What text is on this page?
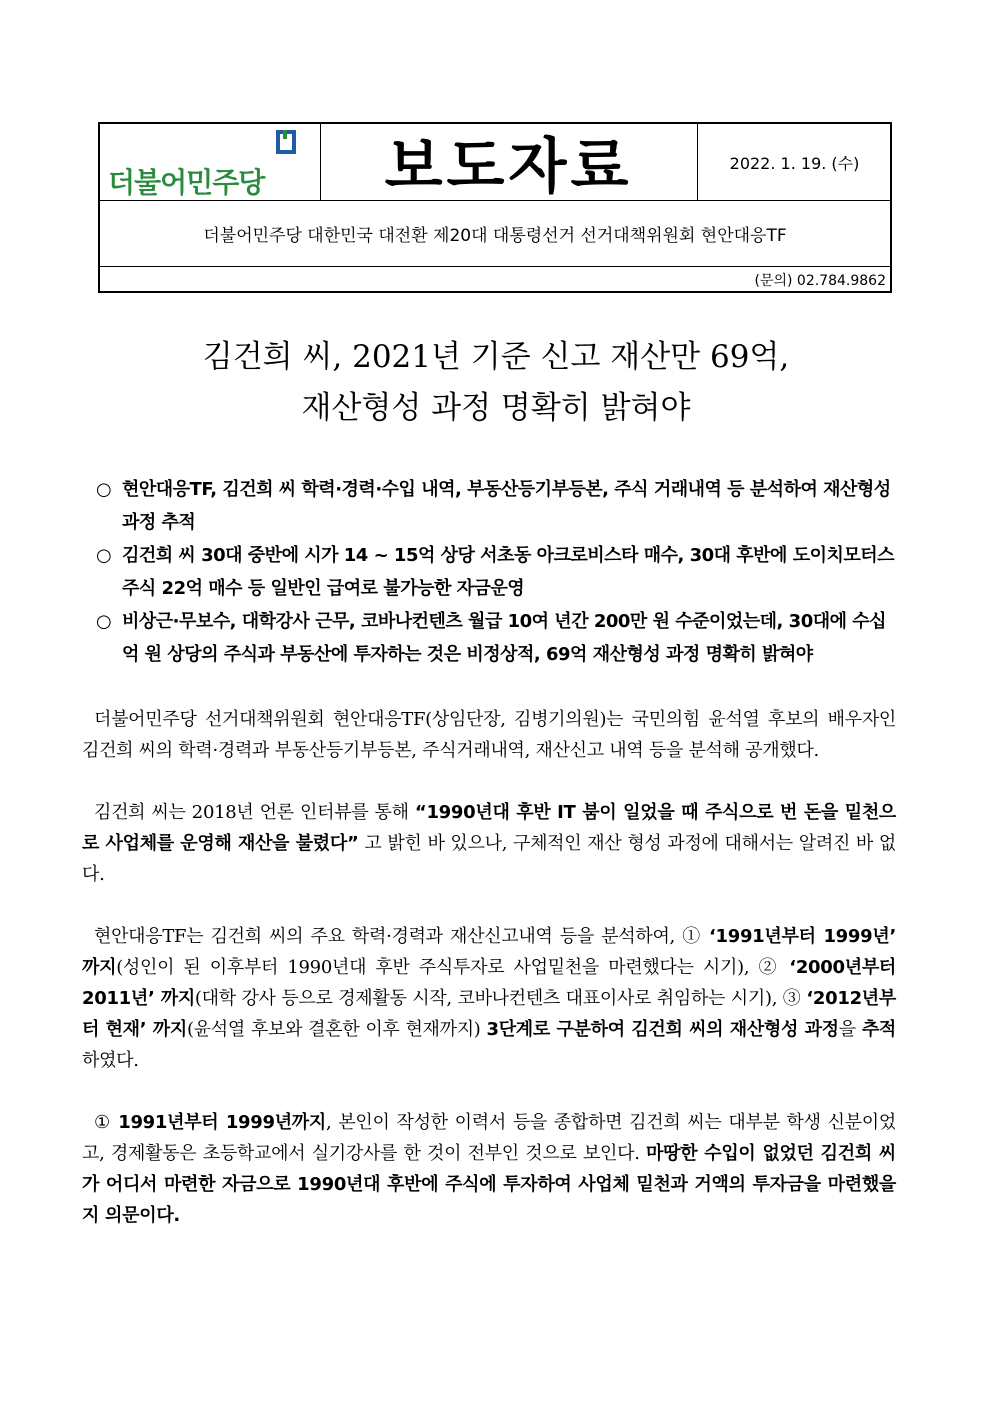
더불어민주당 보도자료	2022. 1. 19. (수)
더불어민주당 대한민국 대전환 제20대 대통령선거 선거대책위원회 현안대응TF
(문의) 02.784.9862
김건희 씨, 2021년 기준 신고 재산만 69억,
재산형성 과정 명확히 밝혀야
○ 현안대응TF, 김건희 씨 학력·경력·수입 내역, 부동산등기부등본, 주식 거래내역 등 분석하여 재산형성과정 추적
○ 김건희 씨 30대 중반에 시가 14 ~ 15억 상당 서초동 아크로비스타 매수, 30대 후반에 도이치모터스 주식 22억 매수 등 일반인 급여로 불가능한 자금운영
○ 비상근·무보수, 대학강사 근무, 코바나컨텐츠 월급 10여 년간 200만 원 수준이었는데, 30대에 수십억 원 상당의 주식과 부동산에 투자하는 것은 비정상적, 69억 재산형성 과정 명확히 밝혀야

더불어민주당 선거대책위원회 현안대응TF(상임단장, 김병기의원)는 국민의힘 윤석열 후보의 배우자인 김건희 씨의 학력·경력과 부동산등기부등본, 주식거래내역, 재산신고 내역 등을 분석해 공개했다.

김건희 씨는 2018년 언론 인터뷰를 통해 “1990년대 후반 IT 붐이 일었을 때 주식으로 번 돈을 밑천으로 사업체를 운영해 재산을 불렸다” 고 밝힌 바 있으나, 구체적인 재산 형성 과정에 대해서는 알려진 바 없다.

현안대응TF는 김건희 씨의 주요 학력·경력과 재산신고내역 등을 분석하여, ① ‘1991년부터 1999년’ 까지(성인이 된 이후부터 1990년대 후반 주식투자로 사업밑천을 마련했다는 시기), ② ‘2000년부터 2011년’ 까지(대학 강사 등으로 경제활동 시작, 코바나컨텐츠 대표이사로 취임하는 시기), ③ ‘2012년부터 현재’ 까지(윤석열 후보와 결혼한 이후 현재까지) 3단계로 구분하여 김건희 씨의 재산형성 과정을 추적하였다.

① 1991년부터 1999년까지, 본인이 작성한 이력서 등을 종합하면 김건희 씨는 대부분 학생 신분이었고, 경제활동은 초등학교에서 실기강사를 한 것이 전부인 것으로 보인다. 마땅한 수입이 없었던 김건희 씨가 어디서 마련한 자금으로 1990년대 후반에 주식에 투자하여 사업체 밑천과 거액의 투자금을 마련했을지 의문이다.
